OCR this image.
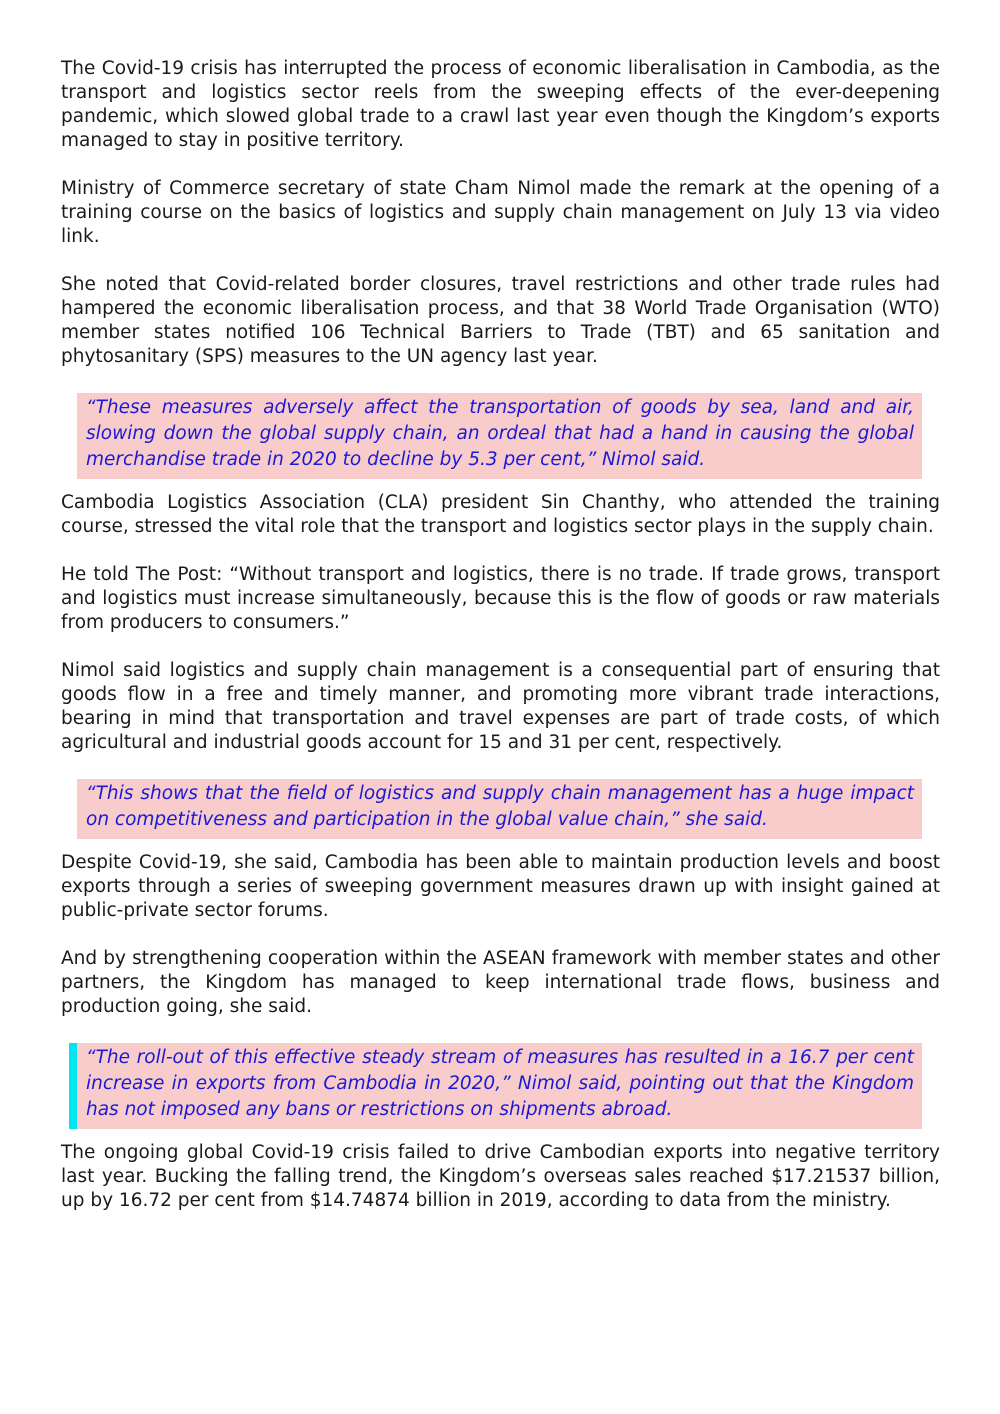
The Covid-19 crisis has interrupted the process of economic liberalisation in Cambodia, as the transport and logistics sector reels from the sweeping effects of the ever-deepening pandemic, which slowed global trade to a crawl last year even though the Kingdom’s exports managed to stay in positive territory.

Ministry of Commerce secretary of state Cham Nimol made the remark at the opening of a training course on the basics of logistics and supply chain management on July 13 via video link.

She noted that Covid-related border closures, travel restrictions and other trade rules had hampered the economic liberalisation process, and that 38 World Trade Organisation (WTO) member states notified 106 Technical Barriers to Trade (TBT) and 65 sanitation and phytosanitary (SPS) measures to the UN agency last year.

“These measures adversely affect the transportation of goods by sea, land and air, slowing down the global supply chain, an ordeal that had a hand in causing the global merchandise trade in 2020 to decline by 5.3 per cent,” Nimol said.

Cambodia Logistics Association (CLA) president Sin Chanthy, who attended the training course, stressed the vital role that the transport and logistics sector plays in the supply chain.

He told The Post: “Without transport and logistics, there is no trade. If trade grows, transport and logistics must increase simultaneously, because this is the flow of goods or raw materials from producers to consumers.”

Nimol said logistics and supply chain management is a consequential part of ensuring that goods flow in a free and timely manner, and promoting more vibrant trade interactions, bearing in mind that transportation and travel expenses are part of trade costs, of which agricultural and industrial goods account for 15 and 31 per cent, respectively.

“This shows that the field of logistics and supply chain management has a huge impact on competitiveness and participation in the global value chain,” she said.

Despite Covid-19, she said, Cambodia has been able to maintain production levels and boost exports through a series of sweeping government measures drawn up with insight gained at public-private sector forums.

And by strengthening cooperation within the ASEAN framework with member states and other partners, the Kingdom has managed to keep international trade flows, business and production going, she said.

“The roll-out of this effective steady stream of measures has resulted in a 16.7 per cent increase in exports from Cambodia in 2020,” Nimol said, pointing out that the Kingdom has not imposed any bans or restrictions on shipments abroad.

The ongoing global Covid-19 crisis failed to drive Cambodian exports into negative territory last year. Bucking the falling trend, the Kingdom’s overseas sales reached $17.21537 billion, up by 16.72 per cent from $14.74874 billion in 2019, according to data from the ministry.
